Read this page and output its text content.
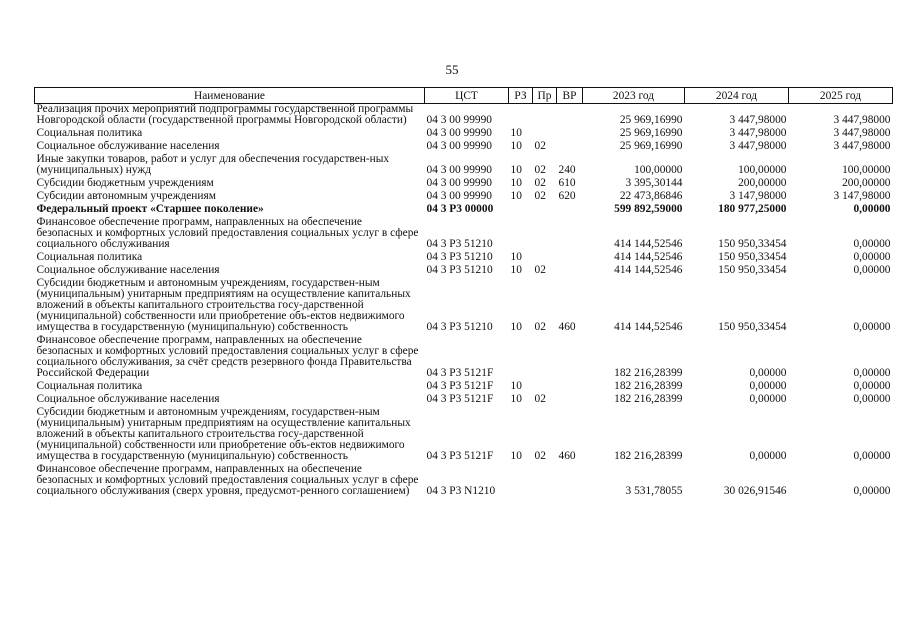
55
Наименование	ЦСТ	РЗ	Пр	ВР	2023 год	2024 год	2025 год
Реализация прочих мероприятий подпрограммы государственной программы Новгородской области (государственной программы Новгородской области)	04 3 00 99990				25 969,16990	3 447,98000	3 447,98000
Социальная политика	04 3 00 99990	10			25 969,16990	3 447,98000	3 447,98000
Социальное обслуживание населения	04 3 00 99990	10	02		25 969,16990	3 447,98000	3 447,98000
Иные закупки товаров, работ и услуг для обеспечения государствен-ных (муниципальных) нужд	04 3 00 99990	10	02	240	100,00000	100,00000	100,00000
Субсидии бюджетным учреждениям	04 3 00 99990	10	02	610	3 395,30144	200,00000	200,00000
Субсидии автономным учреждениям	04 3 00 99990	10	02	620	22 473,86846	3 147,98000	3 147,98000
Федеральный проект «Старшее поколение»	04 3 P3 00000				599 892,59000	180 977,25000	0,00000
Финансовое обеспечение программ, направленных на обеспечение безопасных и комфортных условий предоставления социальных услуг в сфере социального обслуживания	04 3 P3 51210				414 144,52546	150 950,33454	0,00000
Социальная политика	04 3 P3 51210	10			414 144,52546	150 950,33454	0,00000
Социальное обслуживание населения	04 3 P3 51210	10	02		414 144,52546	150 950,33454	0,00000
Субсидии бюджетным и автономным учреждениям, государствен-ным (муниципальным) унитарным предприятиям на осуществление капитальных вложений в объекты капитального строительства госу-дарственной (муниципальной) собственности или приобретение объ-ектов недвижимого имущества в государственную (муниципальную) собственность	04 3 P3 51210	10	02	460	414 144,52546	150 950,33454	0,00000
Финансовое обеспечение программ, направленных на обеспечение безопасных и комфортных условий предоставления социальных услуг в сфере социального обслуживания, за счёт средств резервного фонда Правительства Российской Федерации	04 3 P3 5121F				182 216,28399	0,00000	0,00000
Социальная политика	04 3 P3 5121F	10			182 216,28399	0,00000	0,00000
Социальное обслуживание населения	04 3 P3 5121F	10	02		182 216,28399	0,00000	0,00000
Субсидии бюджетным и автономным учреждениям, государствен-ным (муниципальным) унитарным предприятиям на осуществление капитальных вложений в объекты капитального строительства госу-дарственной (муниципальной) собственности или приобретение объ-ектов недвижимого имущества в государственную (муниципальную) собственность	04 3 P3 5121F	10	02	460	182 216,28399	0,00000	0,00000
Финансовое обеспечение программ, направленных на обеспечение безопасных и комфортных условий предоставления социальных услуг в сфере социального обслуживания (сверх уровня, предусмот-ренного соглашением)	04 3 P3 N1210				3 531,78055	30 026,91546	0,00000
